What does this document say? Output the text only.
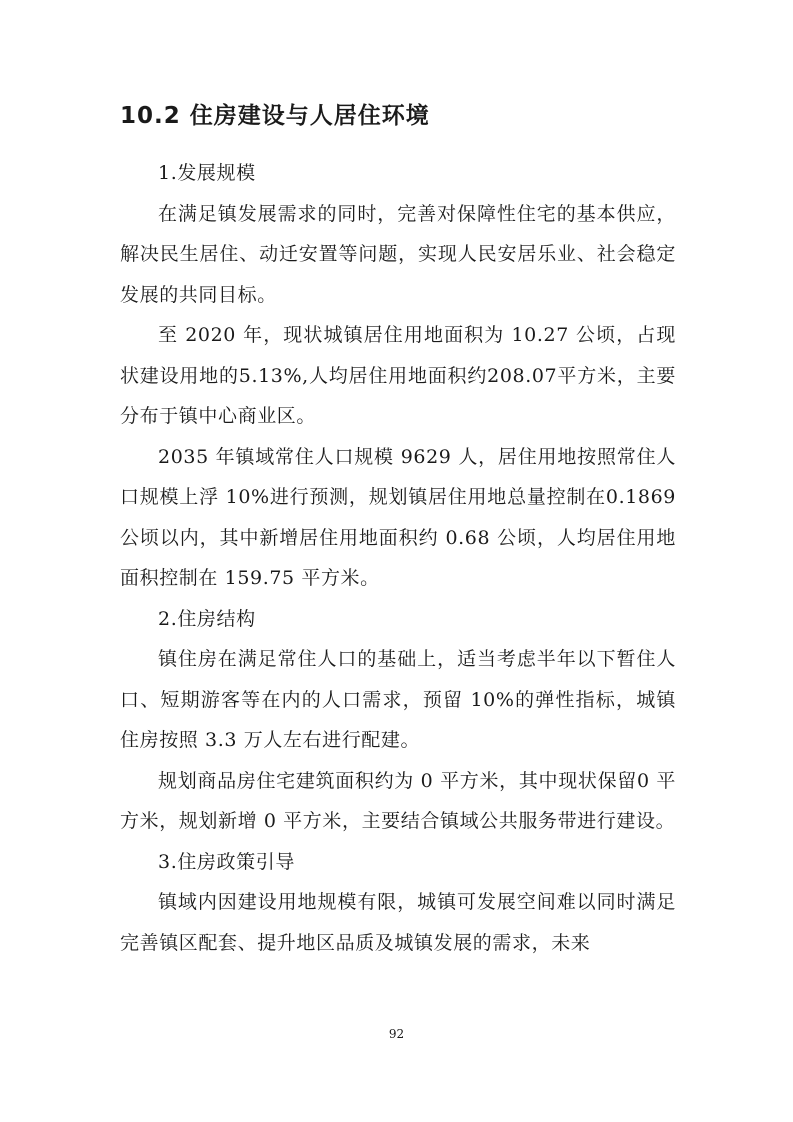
10.2 住房建设与人居住环境
1.发展规模

在满足镇发展需求的同时，完善对保障性住宅的基本供应，解决民生居住、动迁安置等问题，实现人民安居乐业、社会稳定发展的共同目标。

至 2020 年，现状城镇居住用地面积为 10.27 公顷，占现状建设用地的5.13%,人均居住用地面积约208.07平方米，主要分布于镇中心商业区。

2035 年镇域常住人口规模 9629 人，居住用地按照常住人口规模上浮 10%进行预测，规划镇居住用地总量控制在0.1869 公顷以内，其中新增居住用地面积约 0.68 公顷，人均居住用地面积控制在 159.75 平方米。

2.住房结构

镇住房在满足常住人口的基础上，适当考虑半年以下暂住人口、短期游客等在内的人口需求，预留 10%的弹性指标，城镇住房按照 3.3 万人左右进行配建。

规划商品房住宅建筑面积约为 0 平方米，其中现状保留0 平方米，规划新增 0 平方米，主要结合镇域公共服务带进行建设。

3.住房政策引导

镇域内因建设用地规模有限，城镇可发展空间难以同时满足完善镇区配套、提升地区品质及城镇发展的需求，未来

92
